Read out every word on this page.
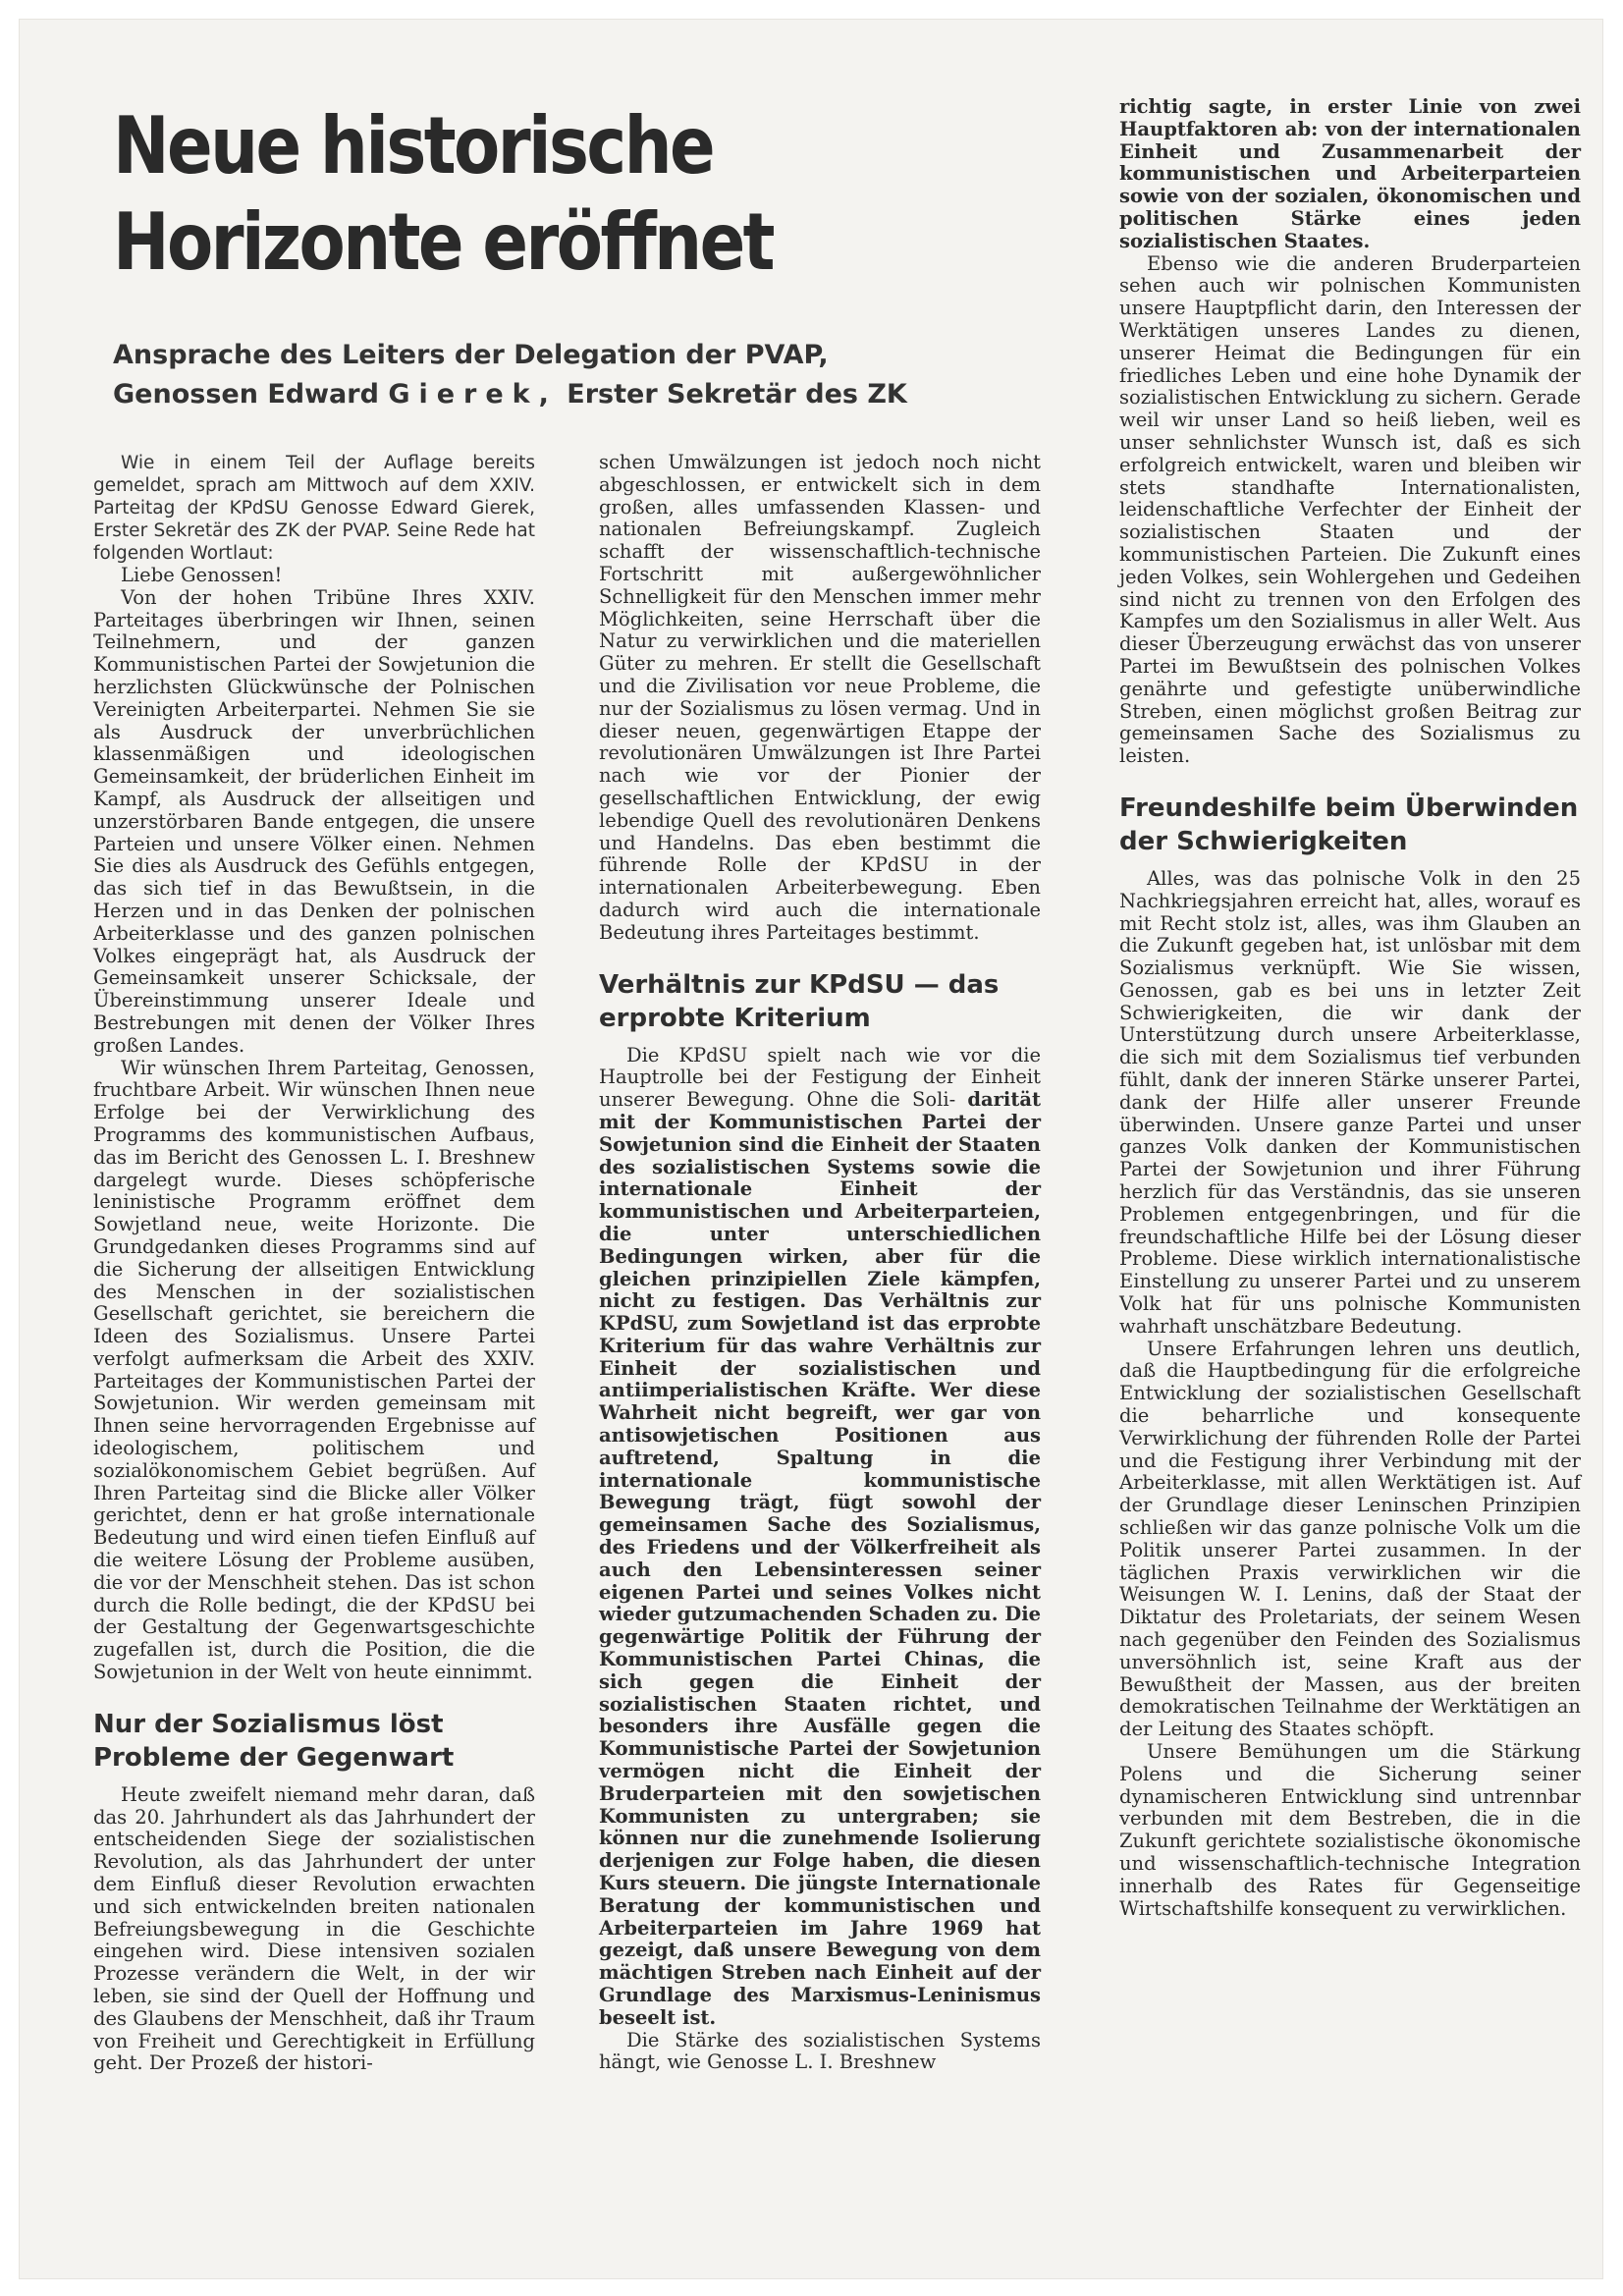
Neue historische
Horizonte eröffnet
Ansprache des Leiters der Delegation der PVAP,
Genossen Edward Gierek, Erster Sekretär des ZK

Wie in einem Teil der Auflage bereits gemeldet, sprach am Mittwoch auf dem XXIV. Parteitag der KPdSU Genosse Edward Gierek, Erster Sekretär des ZK der PVAP. Seine Rede hat folgenden Wortlaut:

Liebe Genossen!

Von der hohen Tribüne Ihres XXIV. Parteitages überbringen wir Ihnen, seinen Teilnehmern, und der ganzen Kommunistischen Partei der Sowjetunion die herzlichsten Glückwünsche der Polnischen Vereinigten Arbeiterpartei. Nehmen Sie sie als Ausdruck der unverbrüchlichen klassenmäßigen und ideologischen Gemeinsamkeit, der brüderlichen Einheit im Kampf, als Ausdruck der allseitigen und unzerstörbaren Bande entgegen, die unsere Parteien und unsere Völker einen. Nehmen Sie dies als Ausdruck des Gefühls entgegen, das sich tief in das Bewußtsein, in die Herzen und in das Denken der polnischen Arbeiterklasse und des ganzen polnischen Volkes eingeprägt hat, als Ausdruck der Gemeinsamkeit unserer Schicksale, der Übereinstimmung unserer Ideale und Bestrebungen mit denen der Völker Ihres großen Landes.

Wir wünschen Ihrem Parteitag, Genossen, fruchtbare Arbeit. Wir wünschen Ihnen neue Erfolge bei der Verwirklichung des Programms des kommunistischen Aufbaus, das im Bericht des Genossen L. I. Breshnew dargelegt wurde. Dieses schöpferische leninistische Programm eröffnet dem Sowjetland neue, weite Horizonte. Die Grundgedanken dieses Programms sind auf die Sicherung der allseitigen Entwicklung des Menschen in der sozialistischen Gesellschaft gerichtet, sie bereichern die Ideen des Sozialismus. Unsere Partei verfolgt aufmerksam die Arbeit des XXIV. Parteitages der Kommunistischen Partei der Sowjetunion. Wir werden gemeinsam mit Ihnen seine hervorragenden Ergebnisse auf ideologischem, politischem und sozialökonomischem Gebiet begrüßen. Auf Ihren Parteitag sind die Blicke aller Völker gerichtet, denn er hat große internationale Bedeutung und wird einen tiefen Einfluß auf die weitere Lösung der Probleme ausüben, die vor der Menschheit stehen. Das ist schon durch die Rolle bedingt, die der KPdSU bei der Gestaltung der Gegenwartsgeschichte zugefallen ist, durch die Position, die die Sowjetunion in der Welt von heute einnimmt.

Nur der Sozialismus löst Probleme der Gegenwart

Heute zweifelt niemand mehr daran, daß das 20. Jahrhundert als das Jahrhundert der entscheidenden Siege der sozialistischen Revolution, als das Jahrhundert der unter dem Einfluß dieser Revolution erwachten und sich entwickelnden breiten nationalen Befreiungsbewegung in die Geschichte eingehen wird. Diese intensiven sozialen Prozesse verändern die Welt, in der wir leben, sie sind der Quell der Hoffnung und des Glaubens der Menschheit, daß ihr Traum von Freiheit und Gerechtigkeit in Erfüllung geht. Der Prozeß der histori-

schen Umwälzungen ist jedoch noch nicht abgeschlossen, er entwickelt sich in dem großen, alles umfassenden Klassen- und nationalen Befreiungskampf. Zugleich schafft der wissenschaftlich-technische Fortschritt mit außergewöhnlicher Schnelligkeit für den Menschen immer mehr Möglichkeiten, seine Herrschaft über die Natur zu verwirklichen und die materiellen Güter zu mehren. Er stellt die Gesellschaft und die Zivilisation vor neue Probleme, die nur der Sozialismus zu lösen vermag. Und in dieser neuen, gegenwärtigen Etappe der revolutionären Umwälzungen ist Ihre Partei nach wie vor der Pionier der gesellschaftlichen Entwicklung, der ewig lebendige Quell des revolutionären Denkens und Handelns. Das eben bestimmt die führende Rolle der KPdSU in der internationalen Arbeiterbewegung. Eben dadurch wird auch die internationale Bedeutung ihres Parteitages bestimmt.

Verhältnis zur KPdSU — das erprobte Kriterium

Die KPdSU spielt nach wie vor die Hauptrolle bei der Festigung der Einheit unserer Bewegung. Ohne die Soli- darität mit der Kommunistischen Partei der Sowjetunion sind die Einheit der Staaten des sozialistischen Systems sowie die internationale Einheit der kommunistischen und Arbeiterparteien, die unter unterschiedlichen Bedingungen wirken, aber für die gleichen prinzipiellen Ziele kämpfen, nicht zu festigen. Das Verhältnis zur KPdSU, zum Sowjetland ist das erprobte Kriterium für das wahre Verhältnis zur Einheit der sozialistischen und antiimperialistischen Kräfte. Wer diese Wahrheit nicht begreift, wer gar von antisowjetischen Positionen aus auftretend, Spaltung in die internationale kommunistische Bewegung trägt, fügt sowohl der gemeinsamen Sache des Sozialismus, des Friedens und der Völkerfreiheit als auch den Lebensinteressen seiner eigenen Partei und seines Volkes nicht wieder gutzumachenden Schaden zu. Die gegenwärtige Politik der Führung der Kommunistischen Partei Chinas, die sich gegen die Einheit der sozialistischen Staaten richtet, und besonders ihre Ausfälle gegen die Kommunistische Partei der Sowjetunion vermögen nicht die Einheit der Bruderparteien mit den sowjetischen Kommunisten zu untergraben; sie können nur die zunehmende Isolierung derjenigen zur Folge haben, die diesen Kurs steuern. Die jüngste Internationale Beratung der kommunistischen und Arbeiterparteien im Jahre 1969 hat gezeigt, daß unsere Bewegung von dem mächtigen Streben nach Einheit auf der Grundlage des Marxismus-Leninismus beseelt ist.

Die Stärke des sozialistischen Systems hängt, wie Genosse L. I. Breshnew

richtig sagte, in erster Linie von zwei Hauptfaktoren ab: von der internationalen Einheit und Zusammenarbeit der kommunistischen und Arbeiterparteien sowie von der sozialen, ökonomischen und politischen Stärke eines jeden sozialistischen Staates.

Ebenso wie die anderen Bruderparteien sehen auch wir polnischen Kommunisten unsere Hauptpflicht darin, den Interessen der Werktätigen unseres Landes zu dienen, unserer Heimat die Bedingungen für ein friedliches Leben und eine hohe Dynamik der sozialistischen Entwicklung zu sichern. Gerade weil wir unser Land so heiß lieben, weil es unser sehnlichster Wunsch ist, daß es sich erfolgreich entwickelt, waren und bleiben wir stets standhafte Internationalisten, leidenschaftliche Verfechter der Einheit der sozialistischen Staaten und der kommunistischen Parteien. Die Zukunft eines jeden Volkes, sein Wohlergehen und Gedeihen sind nicht zu trennen von den Erfolgen des Kampfes um den Sozialismus in aller Welt. Aus dieser Überzeugung erwächst das von unserer Partei im Bewußtsein des polnischen Volkes genährte und gefestigte unüberwindliche Streben, einen möglichst großen Beitrag zur gemeinsamen Sache des Sozialismus zu leisten.

Freundeshilfe beim Überwinden der Schwierigkeiten

Alles, was das polnische Volk in den 25 Nachkriegsjahren erreicht hat, alles, worauf es mit Recht stolz ist, alles, was ihm Glauben an die Zukunft gegeben hat, ist unlösbar mit dem Sozialismus verknüpft. Wie Sie wissen, Genossen, gab es bei uns in letzter Zeit Schwierigkeiten, die wir dank der Unterstützung durch unsere Arbeiterklasse, die sich mit dem Sozialismus tief verbunden fühlt, dank der inneren Stärke unserer Partei, dank der Hilfe aller unserer Freunde überwinden. Unsere ganze Partei und unser ganzes Volk danken der Kommunistischen Partei der Sowjetunion und ihrer Führung herzlich für das Verständnis, das sie unseren Problemen entgegenbringen, und für die freundschaftliche Hilfe bei der Lösung dieser Probleme. Diese wirklich internationalistische Einstellung zu unserer Partei und zu unserem Volk hat für uns polnische Kommunisten wahrhaft unschätzbare Bedeutung.

Unsere Erfahrungen lehren uns deutlich, daß die Hauptbedingung für die erfolgreiche Entwicklung der sozialistischen Gesellschaft die beharrliche und konsequente Verwirklichung der führenden Rolle der Partei und die Festigung ihrer Verbindung mit der Arbeiterklasse, mit allen Werktätigen ist. Auf der Grundlage dieser Leninschen Prinzipien schließen wir das ganze polnische Volk um die Politik unserer Partei zusammen. In der täglichen Praxis verwirklichen wir die Weisungen W. I. Lenins, daß der Staat der Diktatur des Proletariats, der seinem Wesen nach gegenüber den Feinden des Sozialismus unversöhnlich ist, seine Kraft aus der Bewußtheit der Massen, aus der breiten demokratischen Teilnahme der Werktätigen an der Leitung des Staates schöpft.

Unsere Bemühungen um die Stärkung Polens und die Sicherung seiner dynamischeren Entwicklung sind untrennbar verbunden mit dem Bestreben, die in die Zukunft gerichtete sozialistische ökonomische und wissenschaftlich-technische Integration innerhalb des Rates für Gegenseitige Wirtschaftshilfe konsequent zu verwirklichen.
